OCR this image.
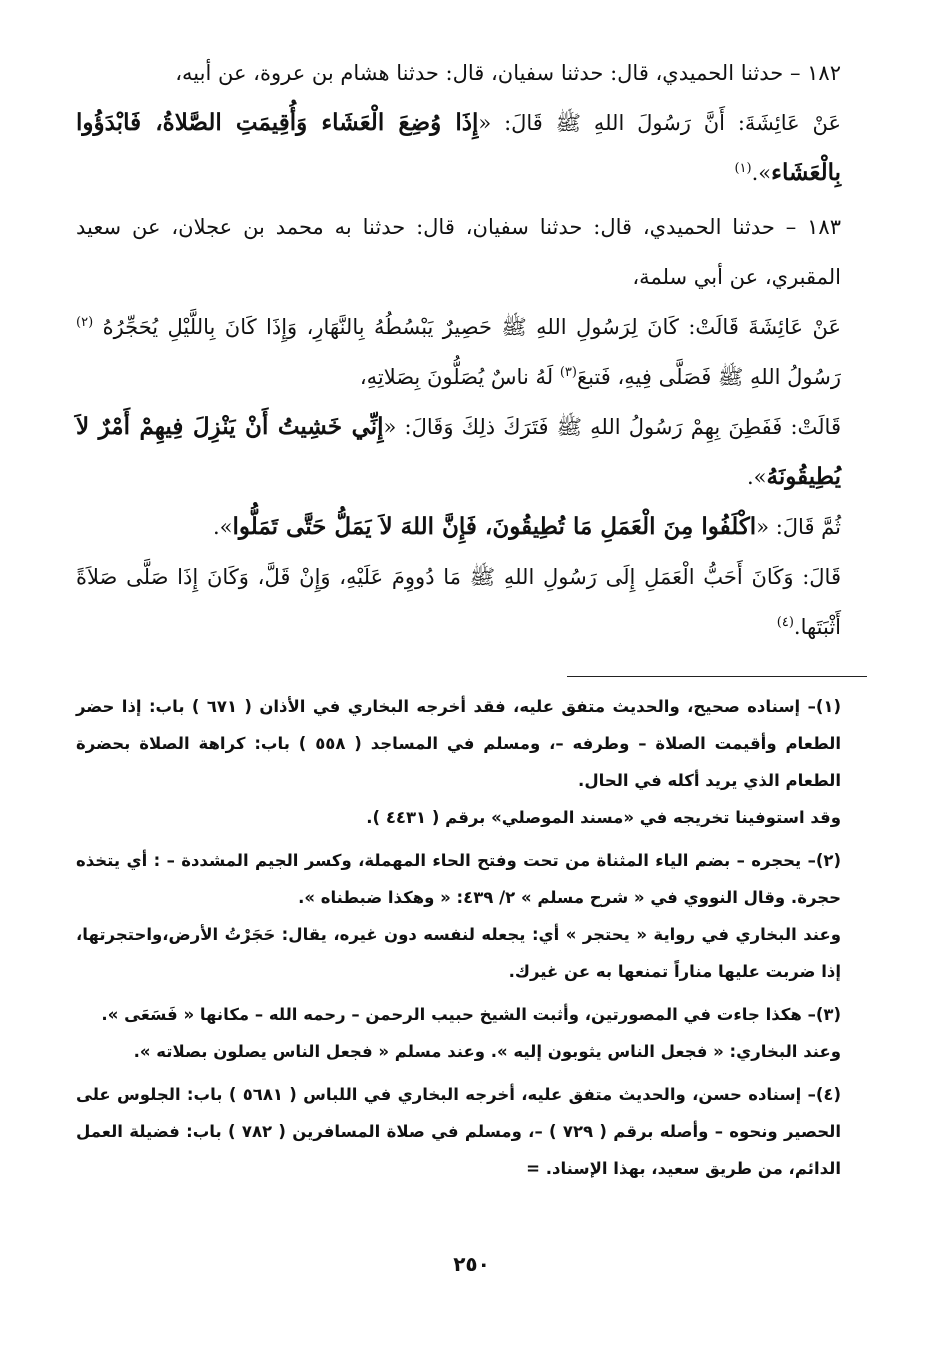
١٨٢ – حدثنا الحميدي، قال: حدثنا سفيان، قال: حدثنا هشام بن عروة، عن أبيه،

عَنْ عَائِشَةَ: أَنَّ رَسُولَ اللهِ ﷺ قَالَ: «إِذَا وُضِعَ الْعَشَاء وَأُقِيمَتِ الصَّلاةُ، فَابْدَؤُوا بِالْعَشَاء».$^{(١)}$

١٨٣ – حدثنا الحميدي، قال: حدثنا سفيان، قال: حدثنا به محمد بن عجلان، عن سعيد المقبري، عن أبي سلمة،

عَنْ عَائِشَةَ قَالَتْ: كَانَ لِرَسُولِ اللهِ ﷺ حَصِيرٌ يَبْسُطُهُ بِالنَّهَارِ، وَإِذَا كَانَ بِاللَّيْلِ يُحَجِّرُهُ $^{(٢)}$ رَسُولُ اللهِ ﷺ فَصَلَّى فِيهِ، فَتبعَ$^{(٣)}$ لَهُ ناسٌ يُصَلُّونَ بِصَلاتِهِ،

قَالَتْ: فَفَطِنَ بِهِمْ رَسُولُ اللهِ ﷺ فَتَرَكَ ذلِكَ وَقَالَ: «إِنِّي خَشِيتُ أَنْ يَنْزِلَ فِيهِمْ أَمْرٌ لاَ يُطِيقُونَهُ».

ثُمَّ قَالَ: «اكْلَفُوا مِنَ الْعَمَلِ مَا تُطِيقُونَ، فَإِنَّ اللهَ لاَ يَمَلُّ حَتَّى تَمَلُّوا».

قَالَ: وَكَانَ أَحَبُّ الْعَمَلِ إِلَى رَسُولِ اللهِ ﷺ مَا دُووِمَ عَلَيْهِ، وَإِنْ قَلَّ، وَكَانَ إِذَا صَلَّى صَلاَةً أَثْبَتَها.$^{(٤)}$

(١)– إسناده صحيح، والحديث متفق عليه، فقد أخرجه البخاري في الأذان ( ٦٧١ ) باب: إذا حضر الطعام وأقيمت الصلاة – وطرفه –، ومسلم في المساجد ( ٥٥٨ ) باب: كراهة الصلاة بحضرة الطعام الذي يريد أكله في الحال.

وقد استوفينا تخريجه في «مسند الموصلي» برقم ( ٤٤٣١ ).

(٢)– يحجره – بضم الياء المثناة من تحت وفتح الحاء المهملة، وكسر الجيم المشددة – : أي يتخذه حجرة. وقال النووي في « شرح مسلم » ٢/ ٤٣٩: « وهكذا ضبطناه ».

وعند البخاري في رواية « يحتجر » أي: يجعله لنفسه دون غيره، يقال: حَجَرْتُ الأرض،واحتجرتها، إذا ضربت عليها مناراً تمنعها به عن غيرك.

(٣)– هكذا جاءت في المصورتين، وأثبت الشيخ حبيب الرحمن – رحمه الله – مكانها « فَسَعَى ».

وعند البخاري: « فجعل الناس يثوبون إليه ». وعند مسلم « فجعل الناس يصلون بصلاته ».

(٤)– إسناده حسن، والحديث متفق عليه، أخرجه البخاري في اللباس ( ٥٦٨١ ) باب: الجلوس على الحصير ونحوه – وأصله برقم ( ٧٢٩ ) –، ومسلم في صلاة المسافرين ( ٧٨٢ ) باب: فضيلة العمل الدائم، من طريق سعيد، بهذا الإسناد. =

٢٥٠
